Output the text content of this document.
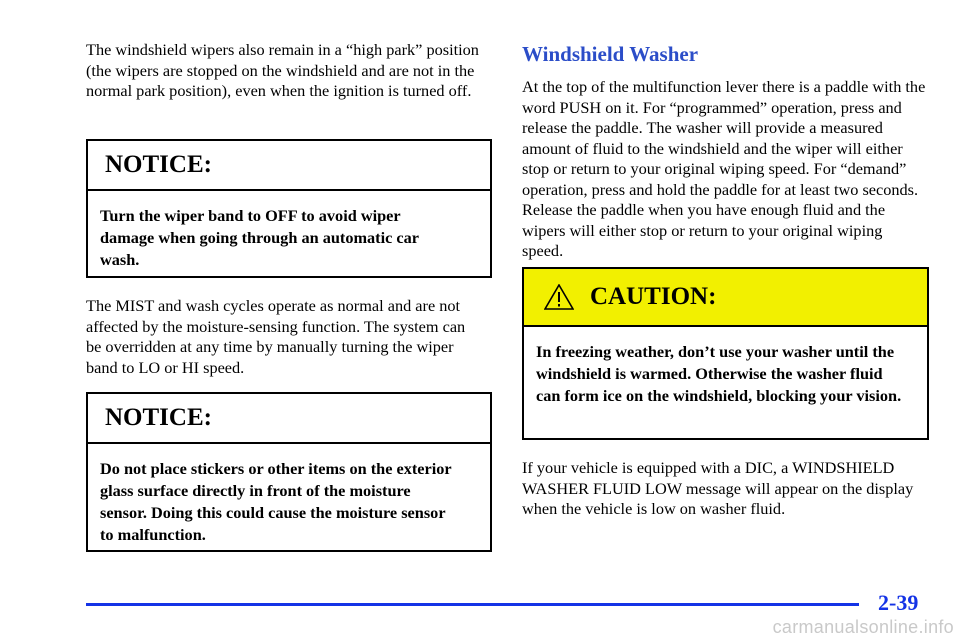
The windshield wipers also remain in a “high park” position (the wipers are stopped on the windshield and are not in the normal park position), even when the ignition is turned off.

NOTICE:
Turn the wiper band to OFF to avoid wiper damage when going through an automatic car wash.

The MIST and wash cycles operate as normal and are not affected by the moisture‑sensing function. The system can be overridden at any time by manually turning the wiper band to LO or HI speed.

NOTICE:
Do not place stickers or other items on the exterior glass surface directly in front of the moisture sensor. Doing this could cause the moisture sensor to malfunction.
Windshield Washer

At the top of the multifunction lever there is a paddle with the word PUSH on it. For “programmed” operation, press and release the paddle. The washer will provide a measured amount of fluid to the windshield and the wiper will either stop or return to your original wiping speed. For “demand” operation, press and hold the paddle for at least two seconds. Release the paddle when you have enough fluid and the wipers will either stop or return to your original wiping speed.

CAUTION:
In freezing weather, don’t use your washer until the windshield is warmed. Otherwise the washer fluid can form ice on the windshield, blocking your vision.

If your vehicle is equipped with a DIC, a WINDSHIELD WASHER FLUID LOW message will appear on the display when the vehicle is low on washer fluid.

2-39
carmanualsonline.info
